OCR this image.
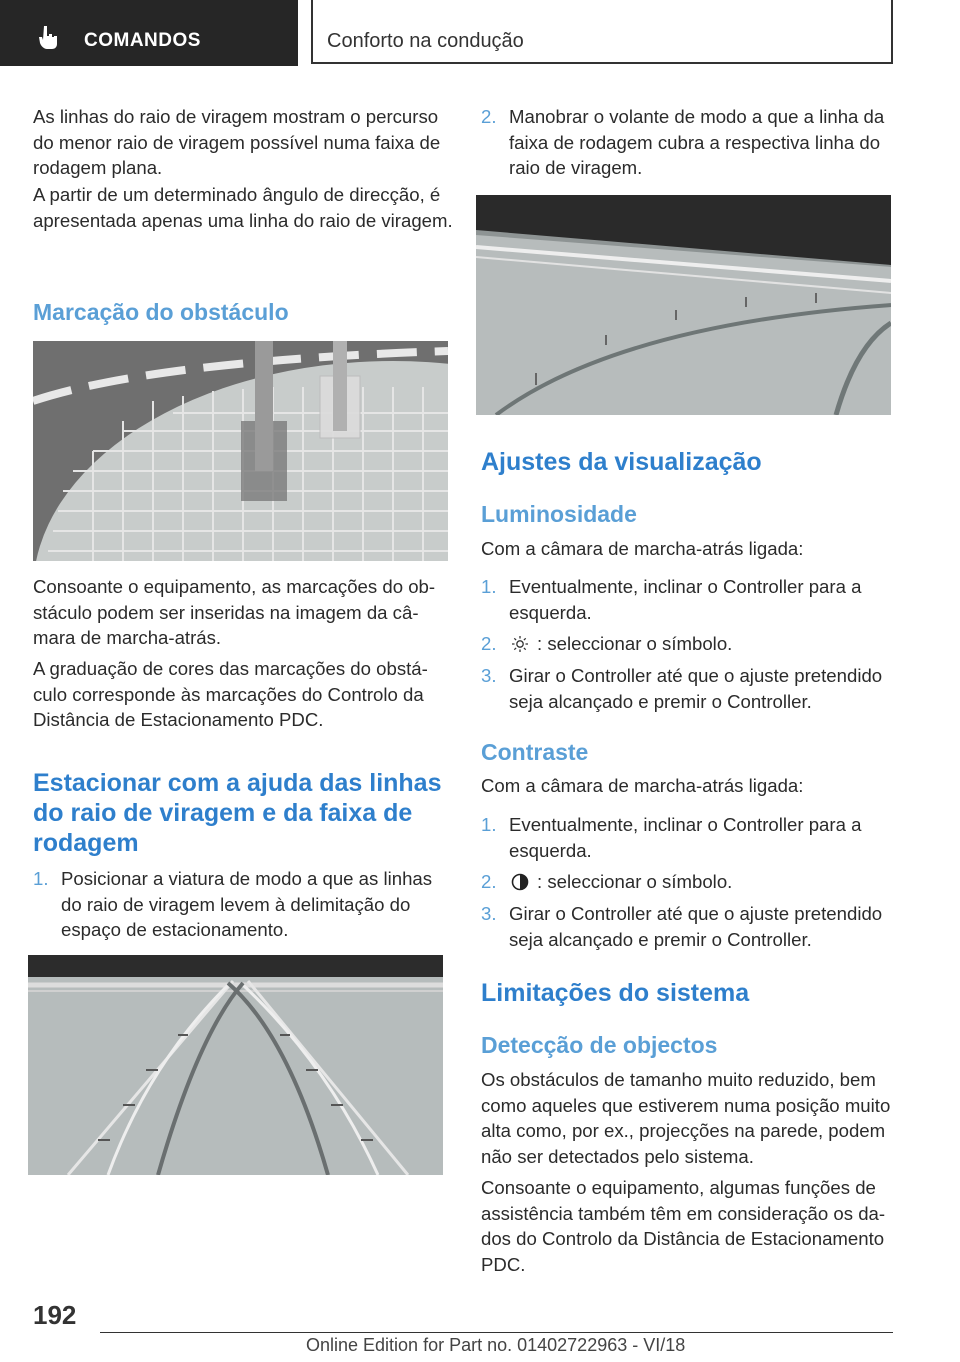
COMANDOS	Conforto na condução

As linhas do raio de viragem mostram o percurso do menor raio de viragem possível numa faixa de rodagem plana.

A partir de um determinado ângulo de direcção, é apresentada apenas uma linha do raio de viragem.

Marcação do obstáculo

Consoante o equipamento, as marcações do obstáculo podem ser inseridas na imagem da câmara de marcha-atrás.

A graduação de cores das marcações do obstáculo corresponde às marcações do Controlo da Distância de Estacionamento PDC.

Estacionar com a ajuda das linhas do raio de viragem e da faixa de rodagem
1. Posicionar a viatura de modo a que as linhas do raio de viragem levem à delimitação do espaço de estacionamento.
2. Manobrar o volante de modo a que a linha da faixa de rodagem cubra a respectiva linha do raio de viragem.
Ajustes da visualização
Luminosidade

Com a câmara de marcha-atrás ligada:

1. Eventualmente, inclinar o Controller para a esquerda.
2. : seleccionar o símbolo.
3. Girar o Controller até que o ajuste pretendido seja alcançado e premir o Controller.
Contraste

Com a câmara de marcha-atrás ligada:

1. Eventualmente, inclinar o Controller para a esquerda.
2. : seleccionar o símbolo.
3. Girar o Controller até que o ajuste pretendido seja alcançado e premir o Controller.
Limitações do sistema
Detecção de objectos

Os obstáculos de tamanho muito reduzido, bem como aqueles que estiverem numa posição muito alta como, por ex., projecções na parede, podem não ser detectados pelo sistema.

Consoante o equipamento, algumas funções de assistência também têm em consideração os dados do Controlo da Distância de Estacionamento PDC.

192
Online Edition for Part no. 01402722963 - VI/18
